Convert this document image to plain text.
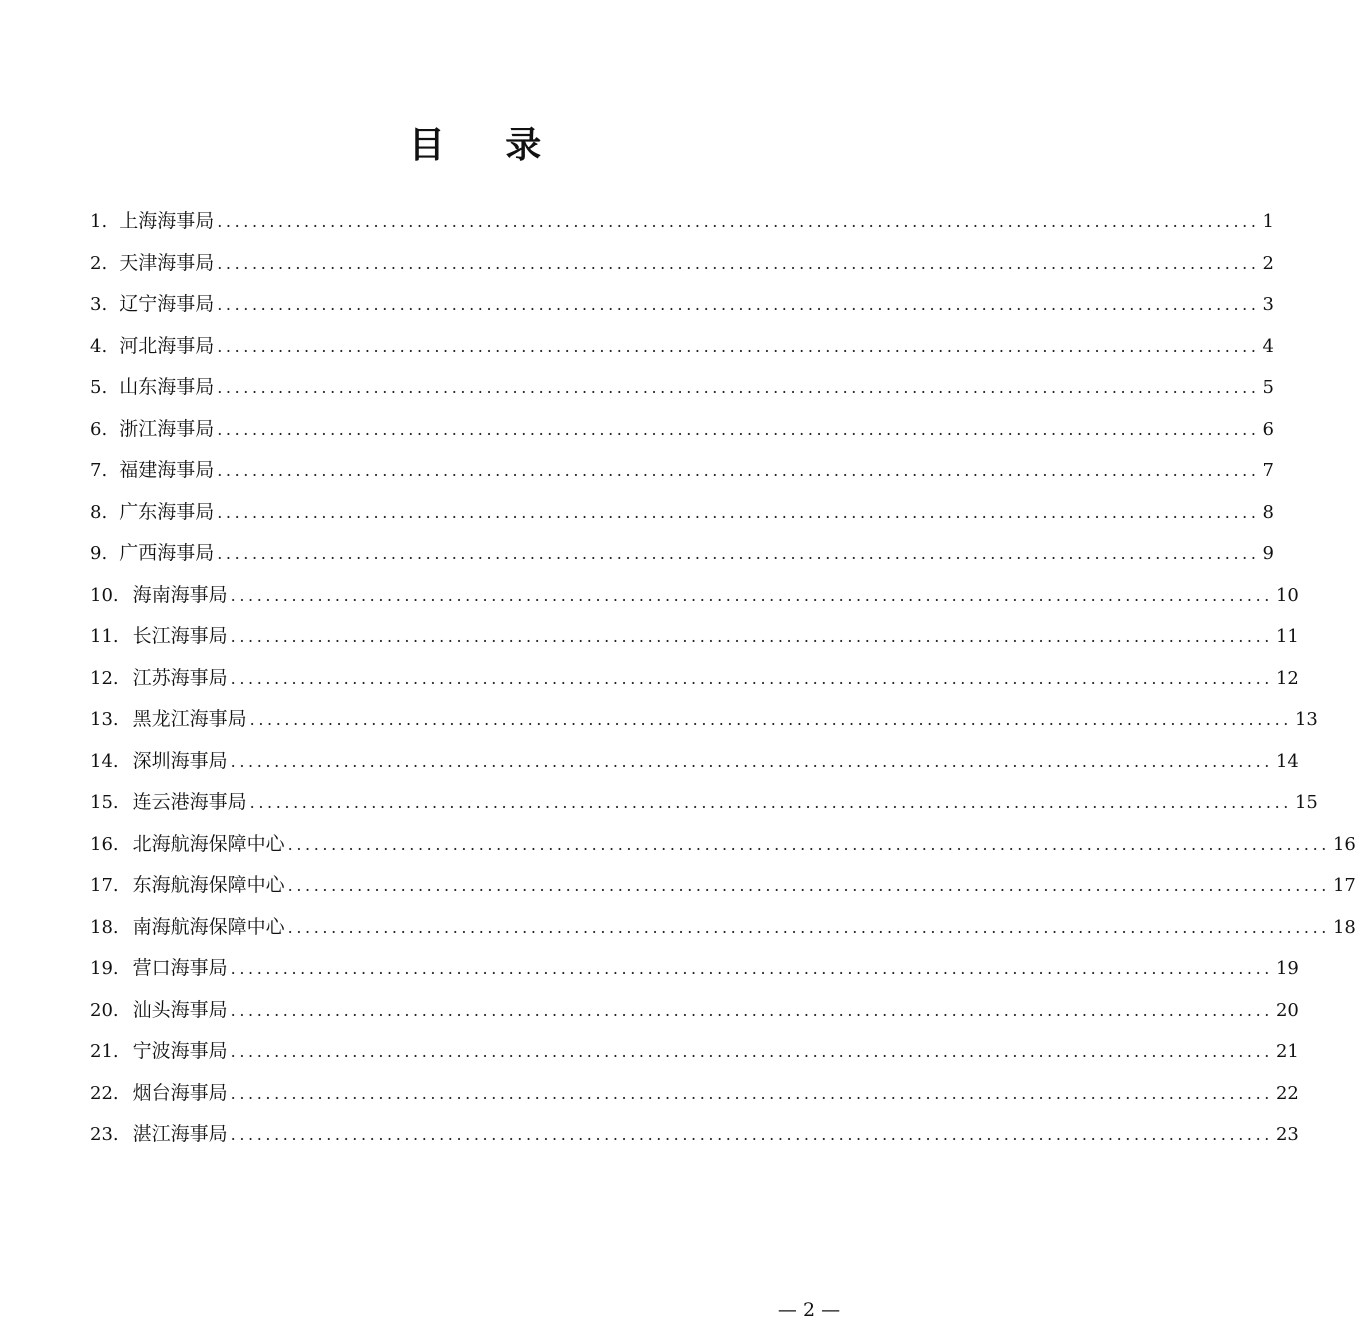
目 录
1. 上海海事局 ........................................................................................................................ 1
2. 天津海事局 ........................................................................................................................ 2
3. 辽宁海事局 ........................................................................................................................ 3
4. 河北海事局 ........................................................................................................................ 4
5. 山东海事局 ........................................................................................................................ 5
6. 浙江海事局 ........................................................................................................................ 6
7. 福建海事局 ........................................................................................................................ 7
8. 广东海事局 ........................................................................................................................ 8
9. 广西海事局 ........................................................................................................................ 9
10. 海南海事局 ........................................................................................................................ 10
11. 长江海事局 ........................................................................................................................ 11
12. 江苏海事局 ........................................................................................................................ 12
13. 黑龙江海事局 ........................................................................................................................ 13
14. 深圳海事局 ........................................................................................................................ 14
15. 连云港海事局 ........................................................................................................................ 15
16. 北海航海保障中心 ........................................................................................................................ 16
17. 东海航海保障中心 ........................................................................................................................ 17
18. 南海航海保障中心 ........................................................................................................................ 18
19. 营口海事局 ........................................................................................................................ 19
20. 汕头海事局 ........................................................................................................................ 20
21. 宁波海事局 ........................................................................................................................ 21
22. 烟台海事局 ........................................................................................................................ 22
23. 湛江海事局 ........................................................................................................................ 23
— 2 —
